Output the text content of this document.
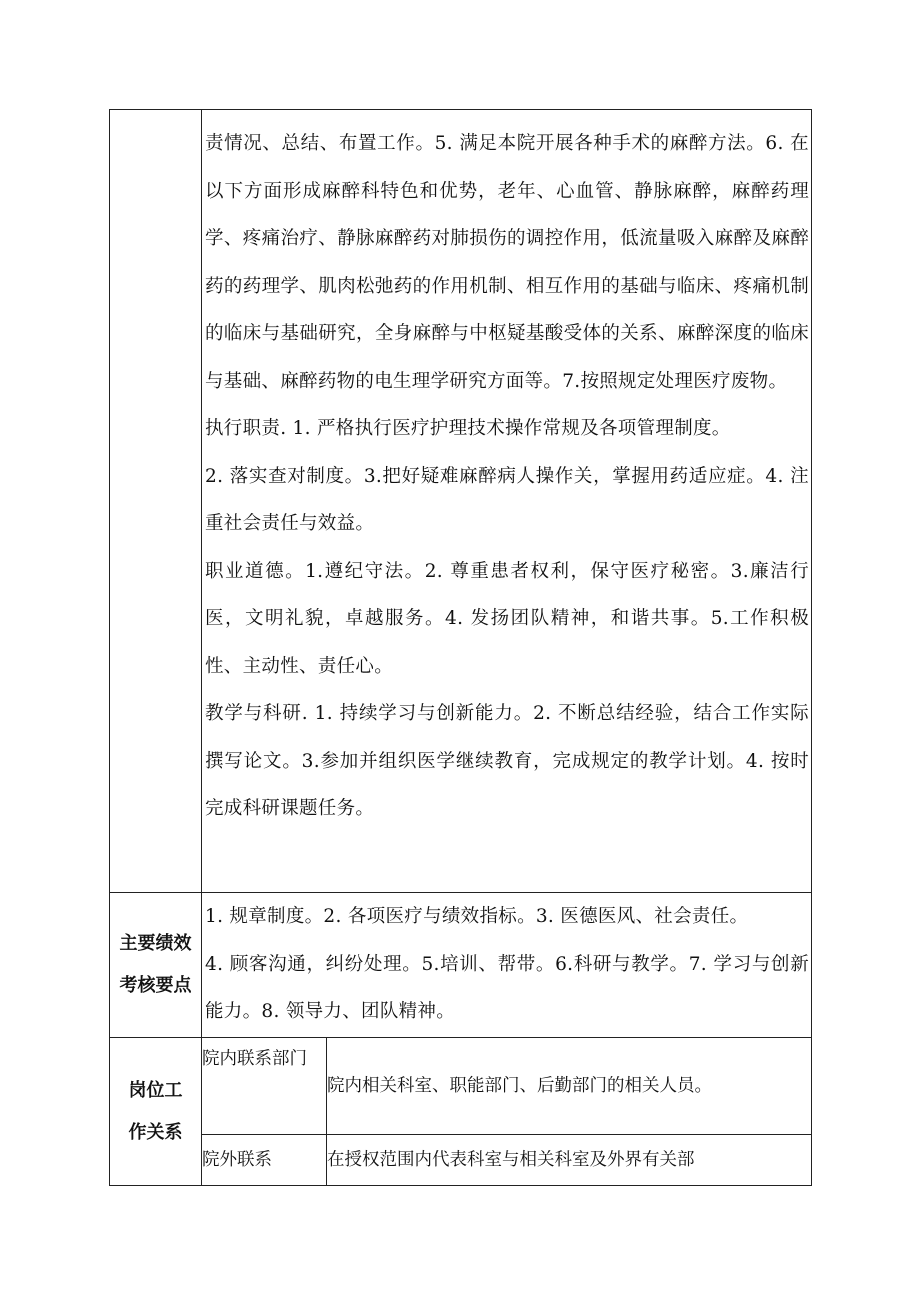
	责情况、总结、布置工作。5. 满足本院开展各种手术的麻醉方法。6. 在以下方面形成麻醉科特色和优势，老年、心血管、静脉麻醉，麻醉药理学、疼痛治疗、静脉麻醉药对肺损伤的调控作用，低流量吸入麻醉及麻醉药的药理学、肌肉松弛药的作用机制、相互作用的基础与临床、疼痛机制的临床与基础研究，全身麻醉与中枢疑基酸受体的关系、麻醉深度的临床与基础、麻醉药物的电生理学研究方面等。7.按照规定处理医疗废物。

执行职责. 1. 严格执行医疗护理技术操作常规及各项管理制度。

2. 落实查对制度。3.把好疑难麻醉病人操作关，掌握用药适应症。4. 注重社会责任与效益。

职业道德。1.遵纪守法。2. 尊重患者权利，保守医疗秘密。3.廉洁行医，文明礼貌，卓越服务。4. 发扬团队精神，和谐共事。5.工作积极性、主动性、责任心。

教学与科研. 1. 持续学习与创新能力。2. 不断总结经验，结合工作实际撰写论文。3.参加并组织医学继续教育，完成规定的教学计划。4. 按时完成科研课题任务。	

主要绩效考核要点	1. 规章制度。2. 各项医疗与绩效指标。3. 医德医风、社会责任。

4. 顾客沟通，纠纷处理。5.培训、帮带。6.科研与教学。7. 学习与创新能力。8. 领导力、团队精神。	

岗位工作关系	院内联系部门	院内相关科室、职能部门、后勤部门的相关人员。

	院外联系	在授权范围内代表科室与相关科室及外界有关部
